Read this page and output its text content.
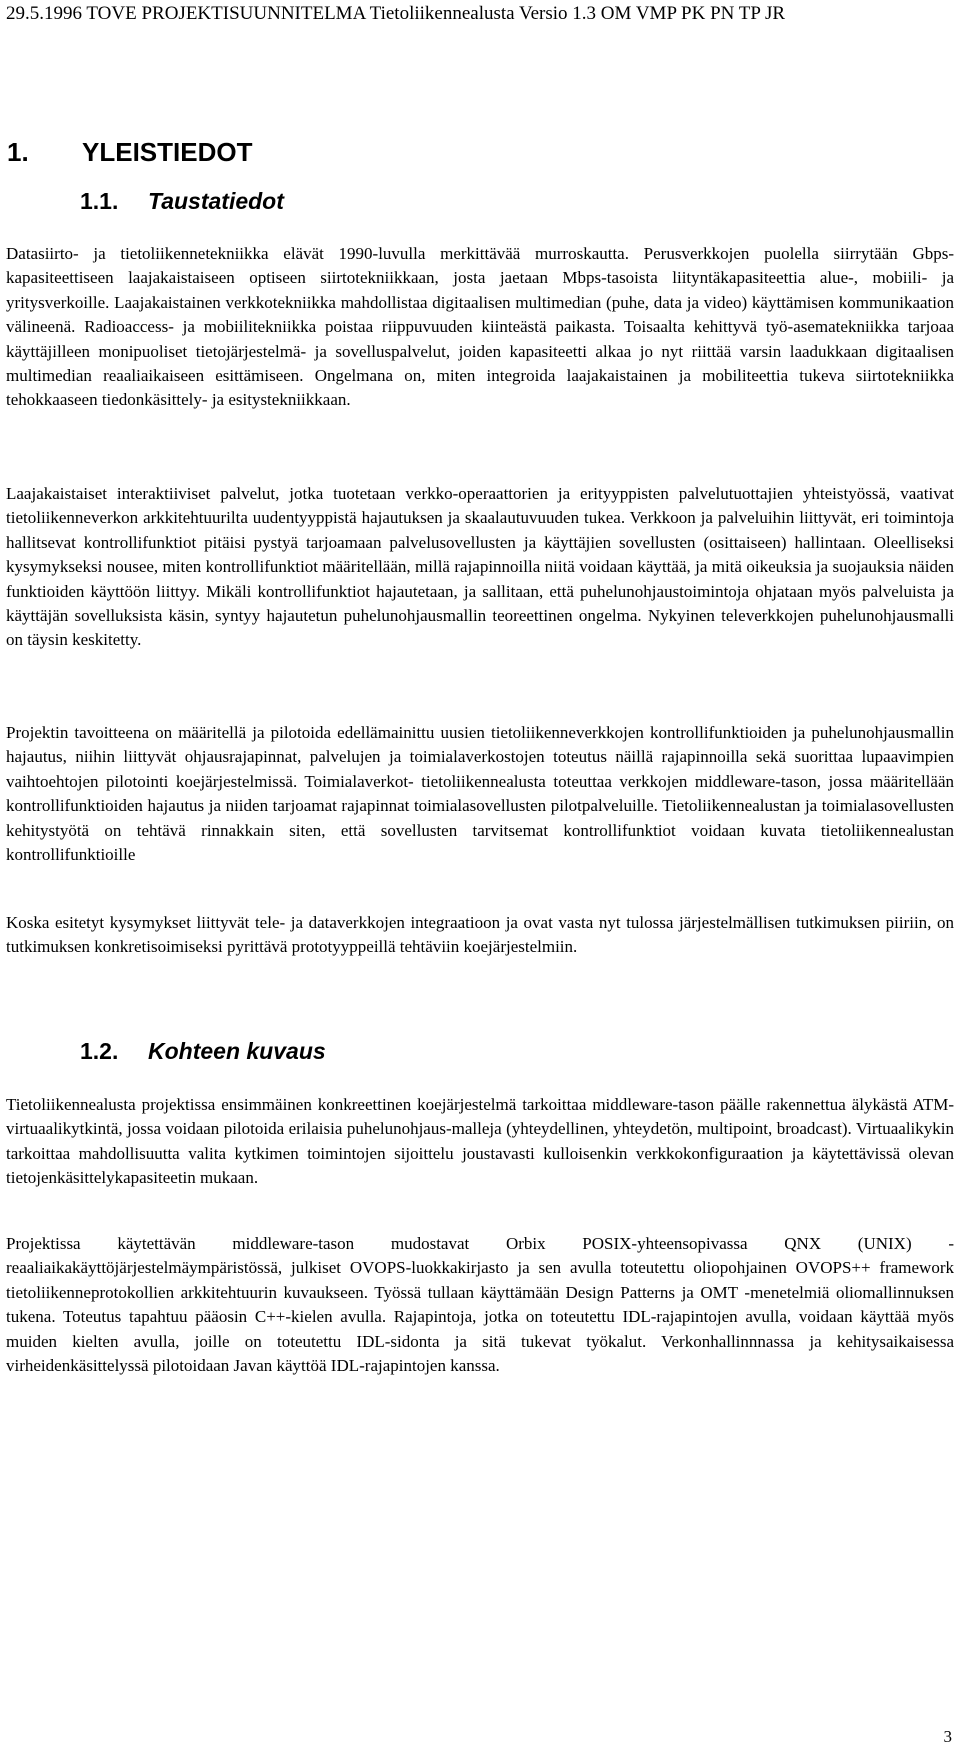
29.5.1996 TOVE PROJEKTISUUNNITELMA Tietoliikennealusta Versio 1.3 OM VMP PK PN TP JR
1. YLEISTIEDOT
1.1. Taustatiedot

Datasiirto- ja tietoliikennetekniikka elävät 1990-luvulla merkittävää murroskautta. Perusverkkojen puolella siirrytään Gbps-kapasiteettiseen laajakaistaiseen optiseen siirtotekniikkaan, josta jaetaan Mbps-tasoista liityntäkapasiteettia alue-, mobiili- ja yritysverkoille. Laajakaistainen verkkotekniikka mahdollistaa digitaalisen multimedian (puhe, data ja video) käyttämisen kommunikaation välineenä. Radioaccess- ja mobiilitekniikka poistaa riippuvuuden kiinteästä paikasta. Toisaalta kehittyvä työ-asematekniikka tarjoaa käyttäjilleen monipuoliset tietojärjestelmä- ja sovelluspalvelut, joiden kapasiteetti alkaa jo nyt riittää varsin laadukkaan digitaalisen multimedian reaaliaikaiseen esittämiseen. Ongelmana on, miten integroida laajakaistainen ja mobiliteettia tukeva siirtotekniikka tehokkaaseen tiedonkäsittely- ja esitystekniikkaan.

Laajakaistaiset interaktiiviset palvelut, jotka tuotetaan verkko-operaattorien ja erityyppisten palvelutuottajien yhteistyössä, vaativat tietoliikenneverkon arkkitehtuurilta uudentyyppistä hajautuksen ja skaalautuvuuden tukea. Verkkoon ja palveluihin liittyvät, eri toimintoja hallitsevat kontrollifunktiot pitäisi pystyä tarjoamaan palvelusovellusten ja käyttäjien sovellusten (osittaiseen) hallintaan. Oleelliseksi kysymykseksi nousee, miten kontrollifunktiot määritellään, millä rajapinnoilla niitä voidaan käyttää, ja mitä oikeuksia ja suojauksia näiden funktioiden käyttöön liittyy. Mikäli kontrollifunktiot hajautetaan, ja sallitaan, että puhelunohjaustoimintoja ohjataan myös palveluista ja käyttäjän sovelluksista käsin, syntyy hajautetun puhelunohjausmallin teoreettinen ongelma. Nykyinen televerkkojen puhelunohjausmalli on täysin keskitetty.

Projektin tavoitteena on määritellä ja pilotoida edellämainittu uusien tietoliikenneverkkojen kontrollifunktioiden ja puhelunohjausmallin hajautus, niihin liittyvät ohjausrajapinnat, palvelujen ja toimialaverkostojen toteutus näillä rajapinnoilla sekä suorittaa lupaavimpien vaihtoehtojen pilotointi koejärjestelmissä. Toimialaverkot- tietoliikennealusta toteuttaa verkkojen middleware-tason, jossa määritellään kontrollifunktioiden hajautus ja niiden tarjoamat rajapinnat toimialasovellusten pilotpalveluille. Tietoliikennealustan ja toimialasovellusten kehitystyötä on tehtävä rinnakkain siten, että sovellusten tarvitsemat kontrollifunktiot voidaan kuvata tietoliikennealustan kontrollifunktioille

Koska esitetyt kysymykset liittyvät tele- ja dataverkkojen integraatioon ja ovat vasta nyt tulossa järjestelmällisen tutkimuksen piiriin, on tutkimuksen konkretisoimiseksi pyrittävä prototyyppeillä tehtäviin koejärjestelmiin.

1.2. Kohteen kuvaus

Tietoliikennealusta projektissa ensimmäinen konkreettinen koejärjestelmä tarkoittaa middleware-tason päälle rakennettua älykästä ATM-virtuaalikytkintä, jossa voidaan pilotoida erilaisia puhelunohjaus-malleja (yhteydellinen, yhteydetön, multipoint, broadcast). Virtuaalikykin tarkoittaa mahdollisuutta valita kytkimen toimintojen sijoittelu joustavasti kulloisenkin verkkokonfiguraation ja käytettävissä olevan tietojenkäsittelykapasiteetin mukaan.

Projektissa käytettävän middleware-tason mudostavat Orbix POSIX-yhteensopivassa QNX (UNIX) - reaaliaikakäyttöjärjestelmäympäristössä, julkiset OVOPS-luokkakirjasto ja sen avulla toteutettu oliopohjainen OVOPS++ framework tietoliikenneprotokollien arkkitehtuurin kuvaukseen. Työssä tullaan käyttämään Design Patterns ja OMT -menetelmiä oliomallinnuksen tukena. Toteutus tapahtuu pääosin C++-kielen avulla. Rajapintoja, jotka on toteutettu IDL-rajapintojen avulla, voidaan käyttää myös muiden kielten avulla, joille on toteutettu IDL-sidonta ja sitä tukevat työkalut. Verkonhallinnnassa ja kehitysaikaisessa virheidenkäsittelyssä pilotoidaan Javan käyttöä IDL-rajapintojen kanssa.

3
